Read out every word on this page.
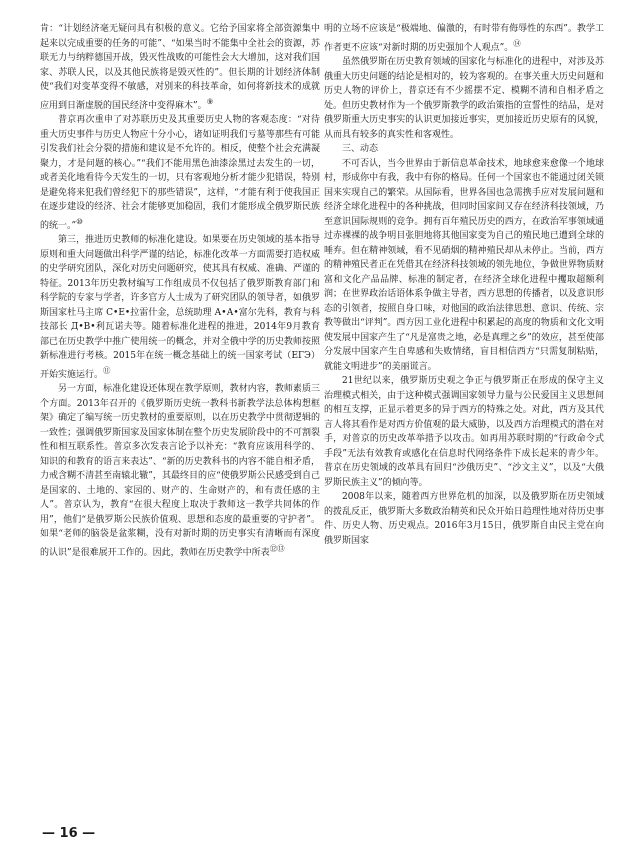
肯：“计划经济毫无疑问具有积极的意义。它给予国家将全部资源集中起来以完成重要的任务的可能”、“如果当时不能集中全社会的资源，苏联无力与纳粹德国开战，毁灭性战败的可能性会大大增加，这对我们国家、苏联人民，以及其他民族将是毁灭性的”。但长期的计划经济体制使“我们对变革变得不敏感，对别来的科技革命，如何将新技术的成就应用到日渐虚脱的国民经济中变得麻木”。⑨

普京再次重申了对苏联历史及其重要历史人物的客观态度：“对待重大历史事件与历史人物应十分小心，诸如证明我们亏墓等那些有可能引发我们社会分裂的措施和建议是不允许的。相反，使整个社会充满凝聚力，才是问题的核心。”“我们不能用黑色油漆涂黑过去发生的一切，或者美化地看待今天发生的一切，只有客观地分析才能少犯错误，特别是避免将来犯我们曾经犯下的那些错误”，这样，“才能有利于使我国正在逐步建设的经济、社会才能够更加稳固，我们才能形成全俄罗斯民族的统一。”⑩

第三，推进历史教师的标准化建设。如果要在历史领域的基本指导原则和重大问题做出科学严谨的结论，标准化改革一方面需要打造权威的史学研究团队，深化对历史问题研究，使其具有权威、准确、严谨的特征。2013年历史教材编写工作组成员不仅包括了俄罗斯教育部门和科学院的专家与学者，许多官方人士成为了研究团队的领导者，如俄罗斯国家杜马主席 С•Е•拉雷什金，总统助理 А•А•富尔先科，教育与科技部长 Д•В•利瓦诺夫等。随着标准化进程的推进，2014年9月教育部已在历史教学中推广使用统一的概念，并对全俄中学的历史教师按照新标准进行考核。2015年在统一概念基础上的统一国家考试（ЕГЭ）开始实施运行。⑪

另一方面，标准化建设还体现在教学原则，教材内容，教师素质三个方面。2013年召开的《俄罗斯历史统一教科书新教学法总体构想框架》确定了编写统一历史教材的重要原则，以在历史教学中贯彻逻辑的一致性；强调俄罗斯国家及国家体制在整个历史发展阶段中的不可割裂性和相互联系性。普京多次发表言论予以补充：“教育应该用科学的、知识的和教育的语言来表达”、“新的历史教科书的内容不能自相矛盾，力戒含糊不清甚至南辕北辙”，其最终目的应“使俄罗斯公民感受到自己是国家的、土地的、家园的、财产的、生命财产的，和有责任感的主人”。普京认为，教育“在很大程度上取决于教师这一教学共同体的作用”，他们“是俄罗斯公民族价值观、思想和态度的最重要的守护者”。如果“老师的脑袋是盆浆糊，没有对新时期的历史事实有清晰而有深度的认识”是很难展开工作的。因此，教师在历史教学中所表⑫⑬

明的立场不应该是“极端地、偏激的，有时带有侮辱性的东西”。教学工作者更不应该“对新时期的历史强加个人观点”。⑭

虽然俄罗斯在历史教育领域的国家化与标准化的进程中，对涉及苏俄重大历史问题的结论是相对的，较为客观的。在事关重大历史问题和历史人物的评价上，普京还有不少摇摆不定、模糊不清和自相矛盾之处。但历史教材作为一个俄罗斯教学的政治策指的宣誓性的结品，是对俄罗斯重大历史事实的认识更加接近事实，更加接近历史原有的风貌，从而具有较多的真实性和客观性。

三、动态

不可否认，当今世界由于新信息革命技术，地球愈来愈像一个地球村，形成你中有我，我中有你的格局。任何一个国家也不能通过闭关锁国来实现自己的繁荣。从国际看，世界各国也急需携手应对发展问题和经济全球化进程中的各种挑战，但同时国家间又存在经济科技领域，乃至意识国际规则的竞争。拥有百年殖民历史的西方，在政治军事领域通过赤裸裸的战争明目张胆地将其他国家变为自己的殖民地已遭到全球的唾弃。但在精神领域，看不见硝烟的精神殖民却从未停止。当前，西方的精神殖民者正在凭借其在经济科技领域的领先地位，争做世界物质财富和文化产品品牌、标准的制定者，在经济全球化进程中攫取超额利润；在世界政治话语体系争做主导者，西方思想的传播者，以及意识形态的引领者，按照自身口味，对他国的政治法律思想、意识、传统、宗教等做出“评判”。西方因工业化进程中积累起的高度的物质和文化文明使发展中国家产生了“凡是富贵之地，必是真理之乡”的效应，甚至使部分发展中国家产生自卑感和失败情绪，盲目相信西方“只需复制粘贴，就能文明进步”的美丽谎言。

21世纪以来，俄罗斯历史观之争正与俄罗斯正在形成的保守主义治理模式相关，由于这种模式强调国家领导力量与公民爱国主义思想间的相互支撑，正显示着更多的异于西方的特殊之处。对此，西方及其代言人将其看作是对西方价值观的最大威胁，以及西方治理模式的潜在对手，对普京的历史改革举措予以攻击。如再用苏联时期的“行政命令式手段”无法有效教育或感化在信息时代网络条件下成长起来的青少年。普京在历史领域的改革具有回归“沙俄历史”、“沙文主义”，以及“大俄罗斯民族主义”的倾向等。

2008年以来，随着西方世界危机的加深，以及俄罗斯在历史领域的拨乱反正，俄罗斯大多数政治精英和民众开始日趋理性地对待历史事件、历史人物、历史观点。2016年3月15日，俄罗斯自由民主党在向俄罗斯国家

— 16 —
